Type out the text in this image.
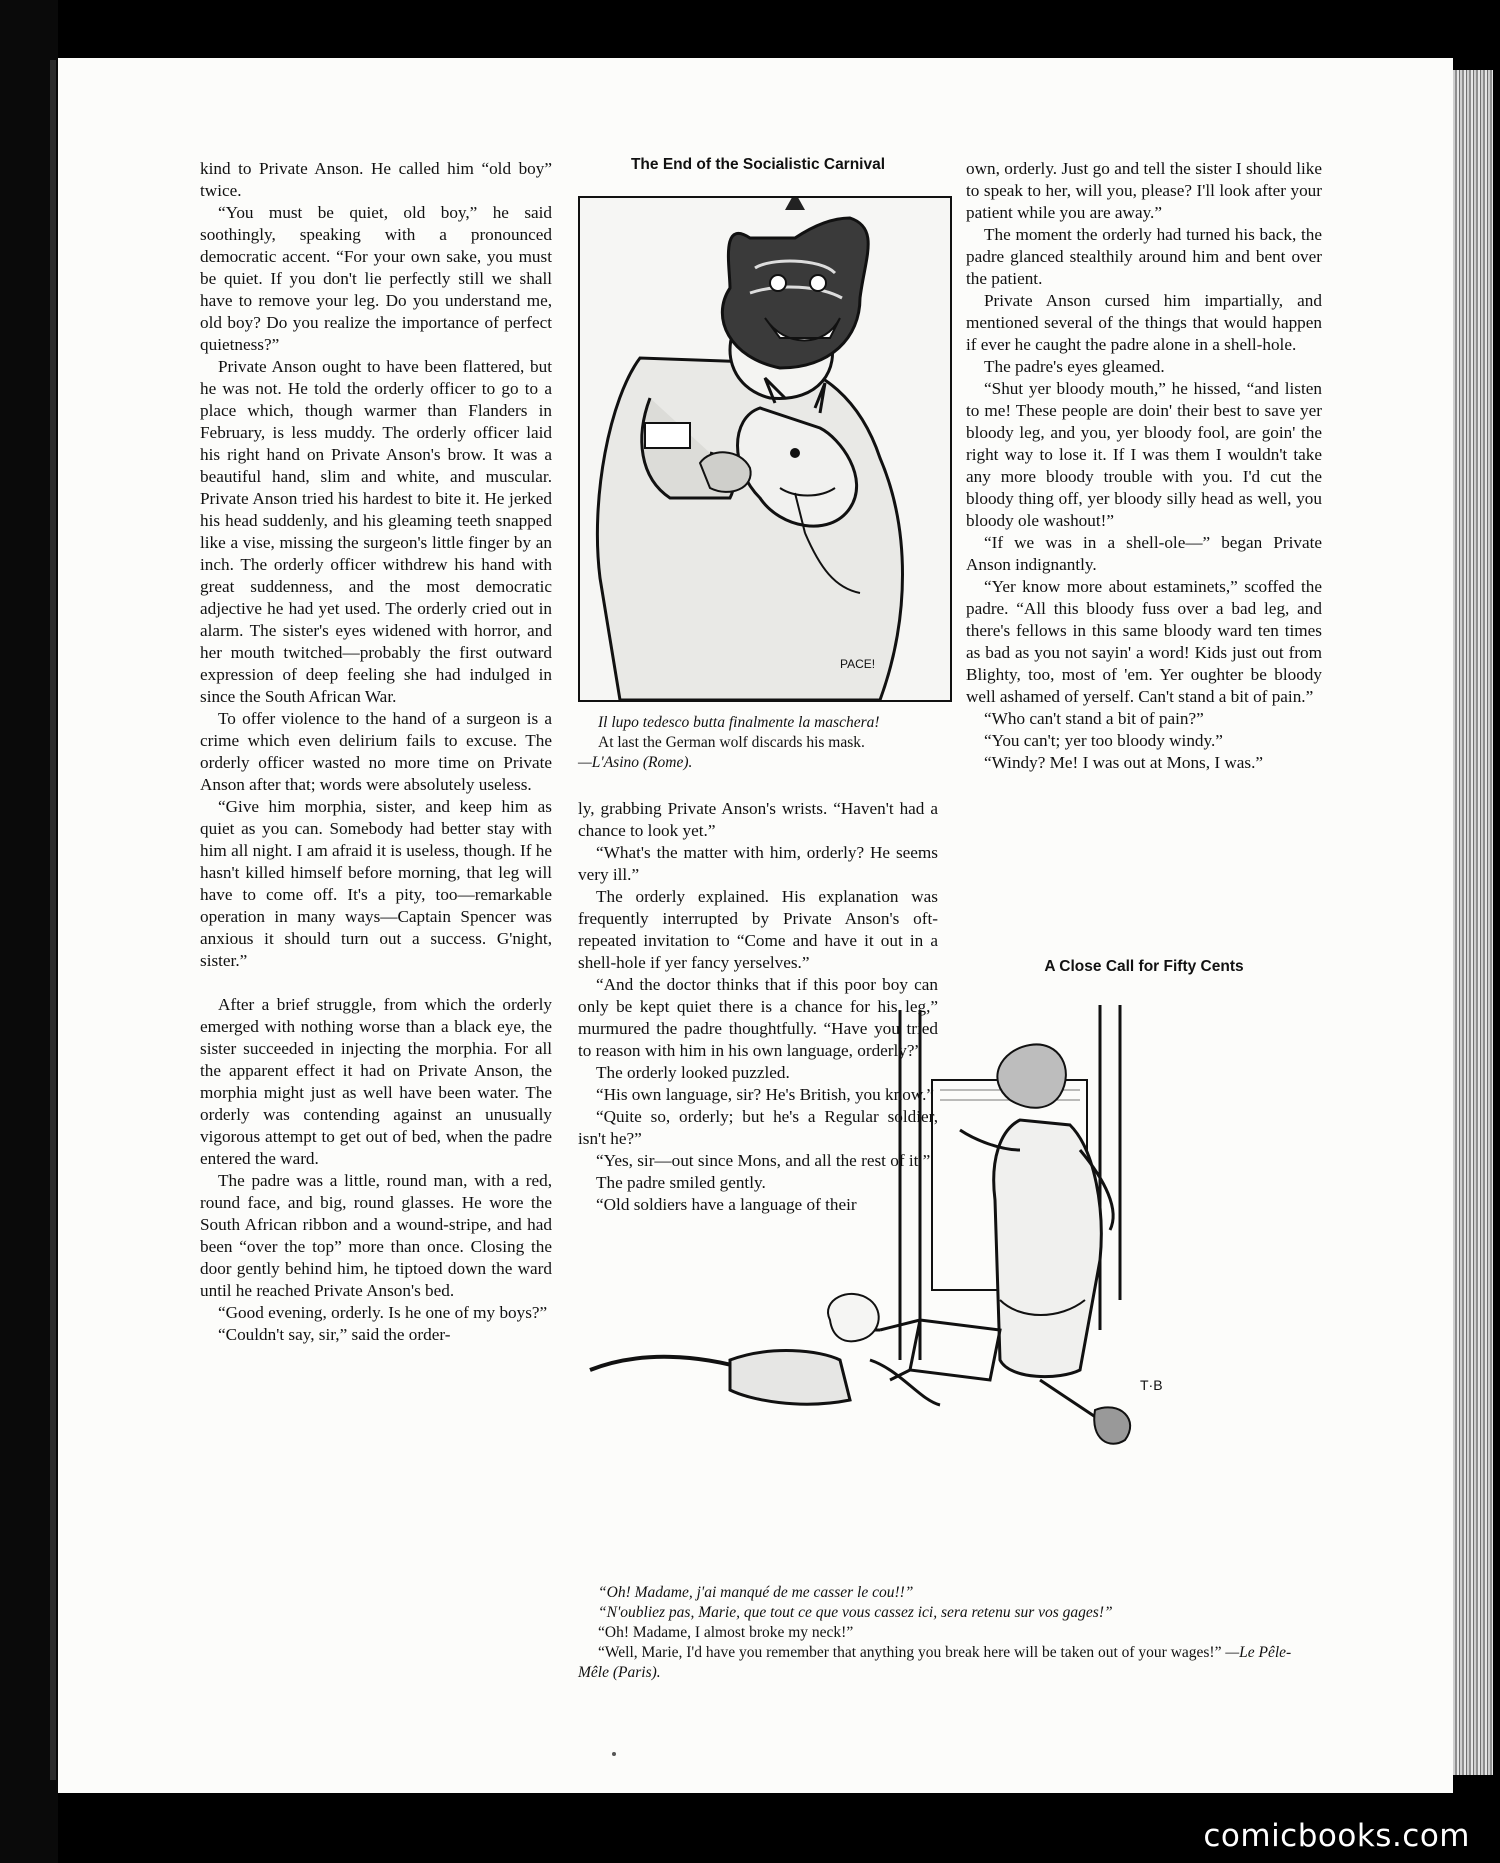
kind to Private Anson. He called him “old boy” twice.

“You must be quiet, old boy,” he said soothingly, speaking with a pronounced democratic accent. “For your own sake, you must be quiet. If you don't lie perfectly still we shall have to remove your leg. Do you understand me, old boy? Do you realize the importance of perfect quietness?”

Private Anson ought to have been flattered, but he was not. He told the orderly officer to go to a place which, though warmer than Flanders in February, is less muddy. The orderly officer laid his right hand on Private Anson's brow. It was a beautiful hand, slim and white, and muscular. Private Anson tried his hardest to bite it. He jerked his head suddenly, and his gleaming teeth snapped like a vise, missing the surgeon's little finger by an inch. The orderly officer withdrew his hand with great suddenness, and the most democratic adjective he had yet used. The orderly cried out in alarm. The sister's eyes widened with horror, and her mouth twitched—probably the first outward expression of deep feeling she had indulged in since the South African War.

To offer violence to the hand of a surgeon is a crime which even delirium fails to excuse. The orderly officer wasted no more time on Private Anson after that; words were absolutely useless.

“Give him morphia, sister, and keep him as quiet as you can. Somebody had better stay with him all night. I am afraid it is useless, though. If he hasn't killed himself before morning, that leg will have to come off. It's a pity, too—remarkable operation in many ways—Captain Spencer was anxious it should turn out a success. G'night, sister.”

After a brief struggle, from which the orderly emerged with nothing worse than a black eye, the sister succeeded in injecting the morphia. For all the apparent effect it had on Private Anson, the morphia might just as well have been water. The orderly was contending against an unusually vigorous attempt to get out of bed, when the padre entered the ward.

The padre was a little, round man, with a red, round face, and big, round glasses. He wore the South African ribbon and a wound-stripe, and had been “over the top” more than once. Closing the door gently behind him, he tiptoed down the ward until he reached Private Anson's bed.

“Good evening, orderly. Is he one of my boys?”

“Couldn't say, sir,” said the order-

The End of the Socialistic Carnival
PACE!
Il lupo tedesco butta finalmente la maschera!
At last the German wolf discards his mask.
—L'Asino (Rome).

ly, grabbing Private Anson's wrists. “Haven't had a chance to look yet.”

“What's the matter with him, orderly? He seems very ill.”

The orderly explained. His explanation was frequently interrupted by Private Anson's oft-repeated invitation to “Come and have it out in a shell-hole if yer fancy yerselves.”

“And the doctor thinks that if this poor boy can only be kept quiet there is a chance for his leg,” murmured the padre thoughtfully. “Have you tried to reason with him in his own language, orderly?”

The orderly looked puzzled.

“His own language, sir? He's British, you know.”

“Quite so, orderly; but he's a Regular soldier, isn't he?”

“Yes, sir—out since Mons, and all the rest of it.”

The padre smiled gently.

“Old soldiers have a language of their

own, orderly. Just go and tell the sister I should like to speak to her, will you, please? I'll look after your patient while you are away.”

The moment the orderly had turned his back, the padre glanced stealthily around him and bent over the patient.

Private Anson cursed him impartially, and mentioned several of the things that would happen if ever he caught the padre alone in a shell-hole.

The padre's eyes gleamed.

“Shut yer bloody mouth,” he hissed, “and listen to me! These people are doin' their best to save yer bloody leg, and you, yer bloody fool, are goin' the right way to lose it. If I was them I wouldn't take any more bloody trouble with you. I'd cut the bloody thing off, yer bloody silly head as well, you bloody ole washout!”

“If we was in a shell-ole—” began Private Anson indignantly.

“Yer know more about estaminets,” scoffed the padre. “All this bloody fuss over a bad leg, and there's fellows in this same bloody ward ten times as bad as you not sayin' a word! Kids just out from Blighty, too, most of 'em. Yer oughter be bloody well ashamed of yerself. Can't stand a bit of pain.”

“Who can't stand a bit of pain?”

“You can't; yer too bloody windy.”

“Windy? Me! I was out at Mons, I was.”

A Close Call for Fifty Cents
T·B
“Oh! Madame, j'ai manqué de me casser le cou!!”
“N'oubliez pas, Marie, que tout ce que vous cassez ici, sera retenu sur vos gages!”
“Oh! Madame, I almost broke my neck!”
“Well, Marie, I'd have you remember that anything you break here will be taken out of your wages!” —Le Pêle-Mêle (Paris).
comicbooks.com
